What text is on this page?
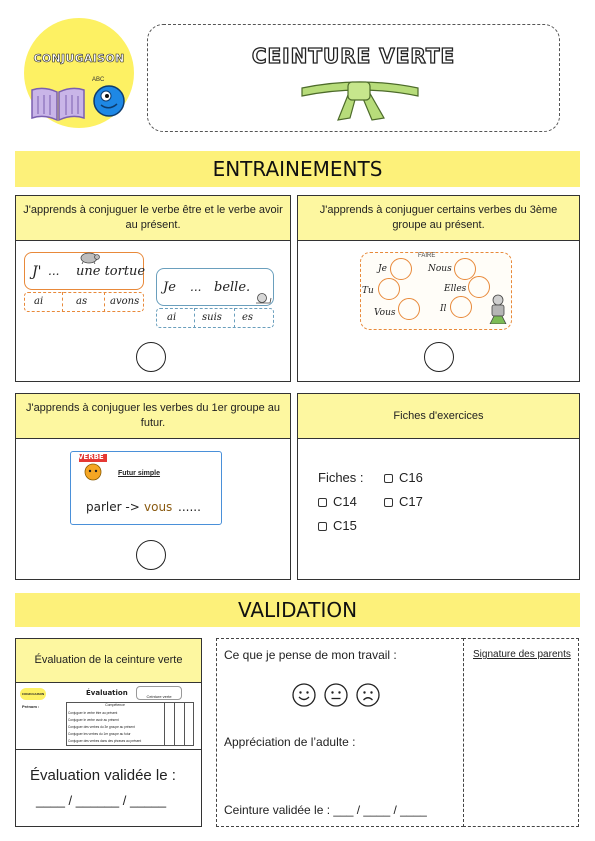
CONJUGAISON
ABC
CEINTURE VERTE
ENTRAINEMENTS
J'apprends à conjuguer le verbe être et le verbe avoir au présent.
J' ... une tortue
ai	as avons
Je ... belle.
ai	suis es
J'apprends à conjuguer certains verbes du 3ème groupe au présent.
FAIRE
Je	Nous
Tu	Elles
Vous	Il
J'apprends à conjuguer les verbes du 1er groupe au futur.
VERBE
Futur simple
parler -> vous ......
Fiches d'exercices
Fiches :	C16
C14	C17
C15
VALIDATION
Évaluation de la ceinture verte
CONJUGAISON	Évaluation	Ceinture verte
Prénom :	Compétence
Conjuguer le verbe être au présent
Conjuguer le verbe avoir au présent
Conjuguer des verbes du 3e groupe au présent
Conjuguer les verbes du 1er groupe au futur
Conjuguer des verbes dans des phrases au présent
Évaluation validée le :
____ / ______ / _____
Ce que je pense de mon travail :
Appréciation de l’adulte :
Ceinture validée le : ___ / ____ / ____
Signature des parents
